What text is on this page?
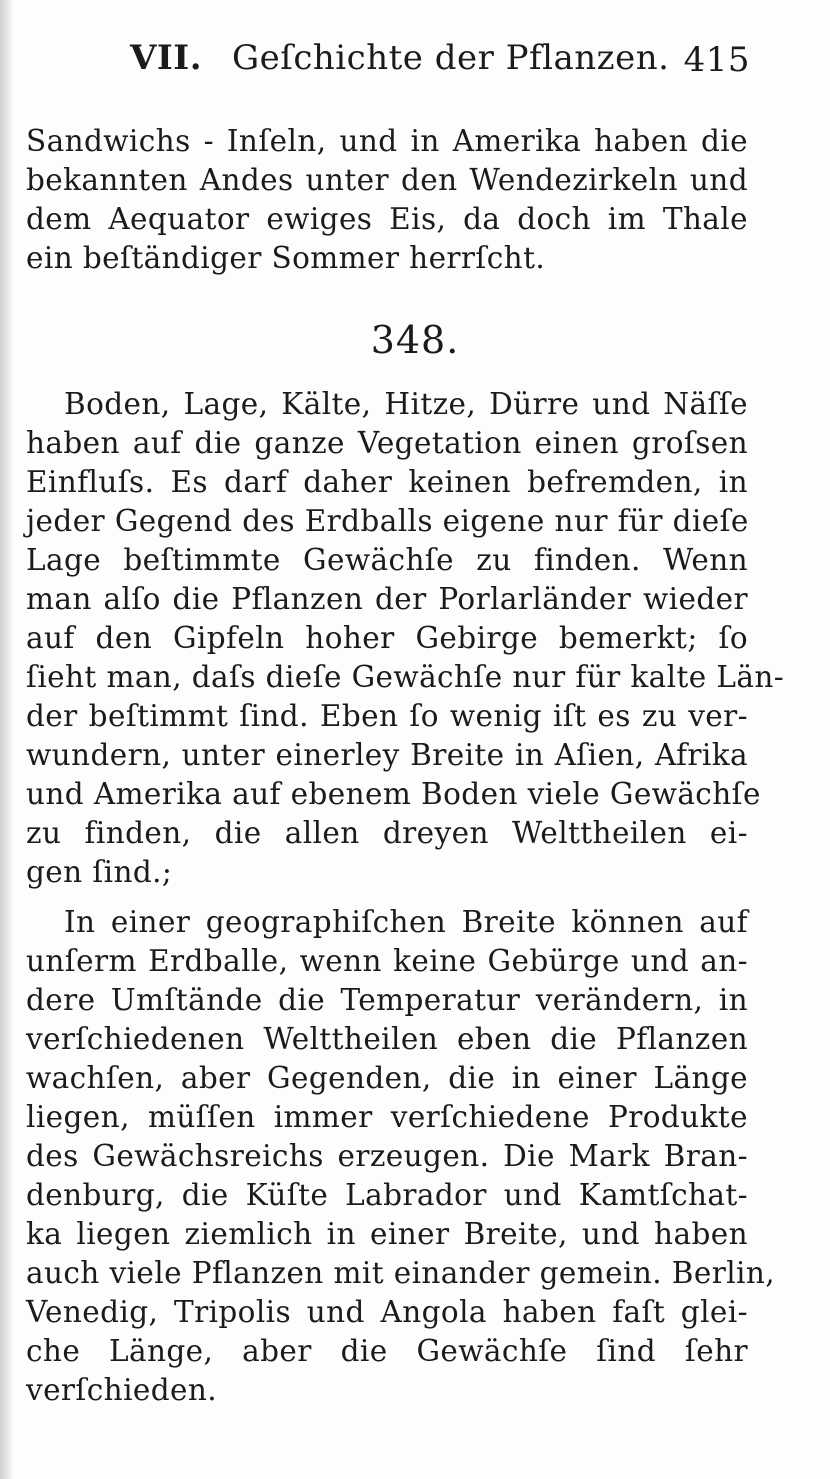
VII. Geſchichte der Pflanzen. 415
Sandwichs - Inſeln, und in Amerika haben die
bekannten Andes unter den Wendezirkeln und
dem Aequator ewiges Eis, da doch im Thale
ein beſtändiger Sommer herrſcht.
348.
Boden, Lage, Kälte, Hitze, Dürre und Näſſe
haben auf die ganze Vegetation einen groſsen
Einfluſs. Es darf daher keinen befremden, in
jeder Gegend des Erdballs eigene nur für dieſe
Lage beſtimmte Gewächſe zu finden. Wenn
man alſo die Pflanzen der Porlarländer wieder
auf den Gipfeln hoher Gebirge bemerkt; ſo
ſieht man, daſs dieſe Gewächſe nur für kalte Län-
der beſtimmt ſind. Eben ſo wenig iſt es zu ver-
wundern, unter einerley Breite in Aſien, Afrika
und Amerika auf ebenem Boden viele Gewächſe
zu finden, die allen dreyen Welttheilen ei-
gen ſind.;
In einer geographiſchen Breite können auf
unſerm Erdballe, wenn keine Gebürge und an-
dere Umſtände die Temperatur verändern, in
verſchiedenen Welttheilen eben die Pflanzen
wachſen, aber Gegenden, die in einer Länge
liegen, müſſen immer verſchiedene Produkte
des Gewächsreichs erzeugen. Die Mark Bran-
denburg, die Küſte Labrador und Kamtſchat-
ka liegen ziemlich in einer Breite, und haben
auch viele Pflanzen mit einander gemein. Berlin,
Venedig, Tripolis und Angola haben faſt glei-
che Länge, aber die Gewächſe ſind ſehr
verſchieden.
